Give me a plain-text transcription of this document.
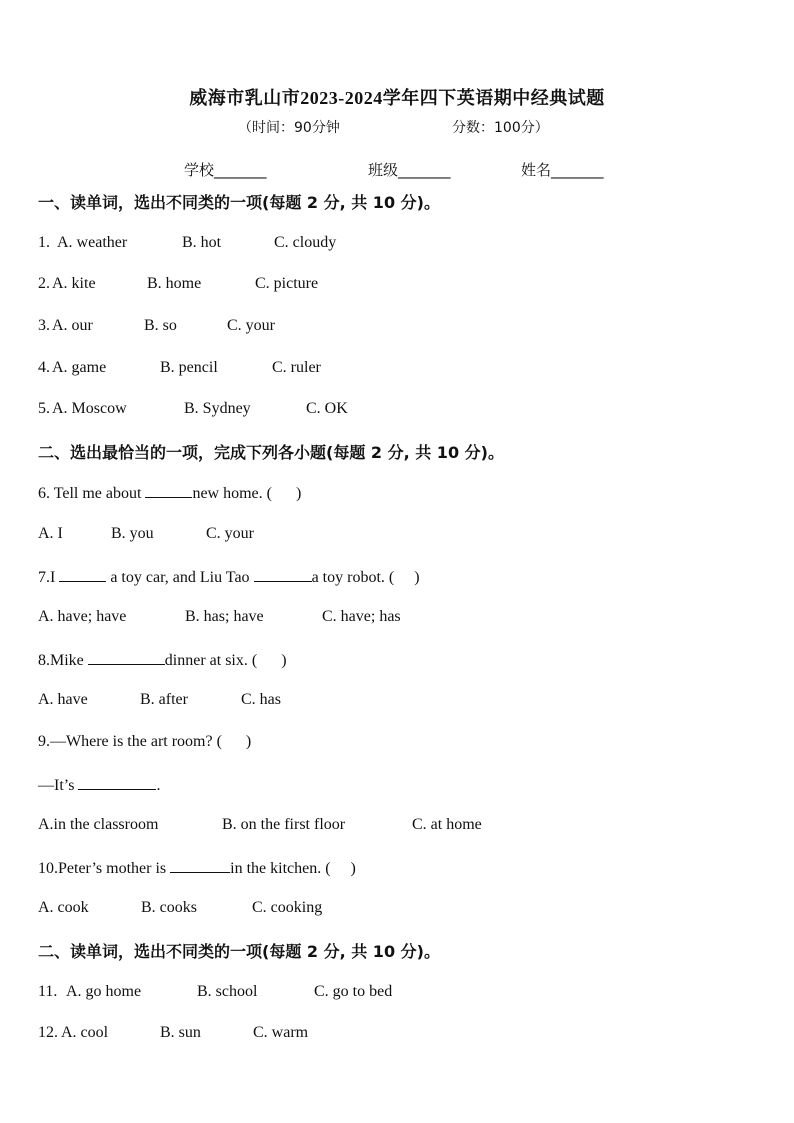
威海市乳山市2023-2024学年四下英语期中经典试题
（时间：90分钟	分数：100分）
学校_______	班级_______	姓名_______
一、读单词，选出不同类的一项(每题 2 分, 共 10 分)。
1. A. weather	B. hot	C. cloudy
2. A. kite	B. home	C. picture
3. A. our	B. so	C. your
4. A. game	B. pencil	C. ruler
5. A. Moscow	B. Sydney	C. OK
二、选出最恰当的一项，完成下列各小题(每题 2 分, 共 10 分)。
6. Tell me about	new home. (      )
A. I	B. you	C. your
7.I	a toy car, and Liu Tao	a toy robot. (     )
A. have; have	B. has; have	C. have; has
8.Mike	dinner at six. (      )
A. have	B. after	C. has
9.—Where is the art room? (      )
—It’s	.
A.in the classroom	B. on the first floor	C. at home
10.Peter’s mother is	in the kitchen. (     )
A. cook	B. cooks	C. cooking
二、读单词，选出不同类的一项(每题 2 分, 共 10 分)。
11. A. go home	B. school	C. go to bed
12. A. cool	B. sun	C. warm
